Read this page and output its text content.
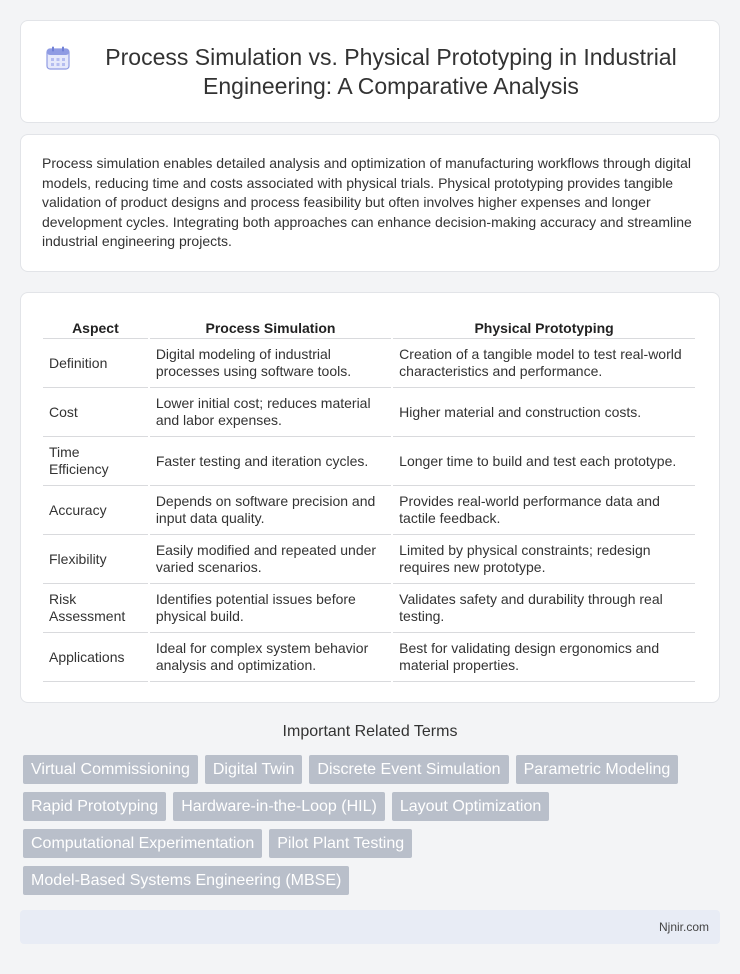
Process Simulation vs. Physical Prototyping in Industrial Engineering: A Comparative Analysis

Process simulation enables detailed analysis and optimization of manufacturing workflows through digital models, reducing time and costs associated with physical trials. Physical prototyping provides tangible validation of product designs and process feasibility but often involves higher expenses and longer development cycles. Integrating both approaches can enhance decision-making accuracy and streamline industrial engineering projects.

Aspect	Process Simulation	Physical Prototyping
Definition	Digital modeling of industrial processes using software tools.	Creation of a tangible model to test real-world characteristics and performance.
Cost	Lower initial cost; reduces material and labor expenses.	Higher material and construction costs.
Time Efficiency	Faster testing and iteration cycles.	Longer time to build and test each prototype.
Accuracy	Depends on software precision and input data quality.	Provides real-world performance data and tactile feedback.
Flexibility	Easily modified and repeated under varied scenarios.	Limited by physical constraints; redesign requires new prototype.
Risk Assessment	Identifies potential issues before physical build.	Validates safety and durability through real testing.
Applications	Ideal for complex system behavior analysis and optimization.	Best for validating design ergonomics and material properties.
Important Related Terms
Virtual Commissioning	Digital Twin	Discrete Event Simulation	Parametric Modeling
Rapid Prototyping	Hardware-in-the-Loop (HIL)	Layout Optimization
Computational Experimentation	Pilot Plant Testing
Model-Based Systems Engineering (MBSE)
Njnir.com
